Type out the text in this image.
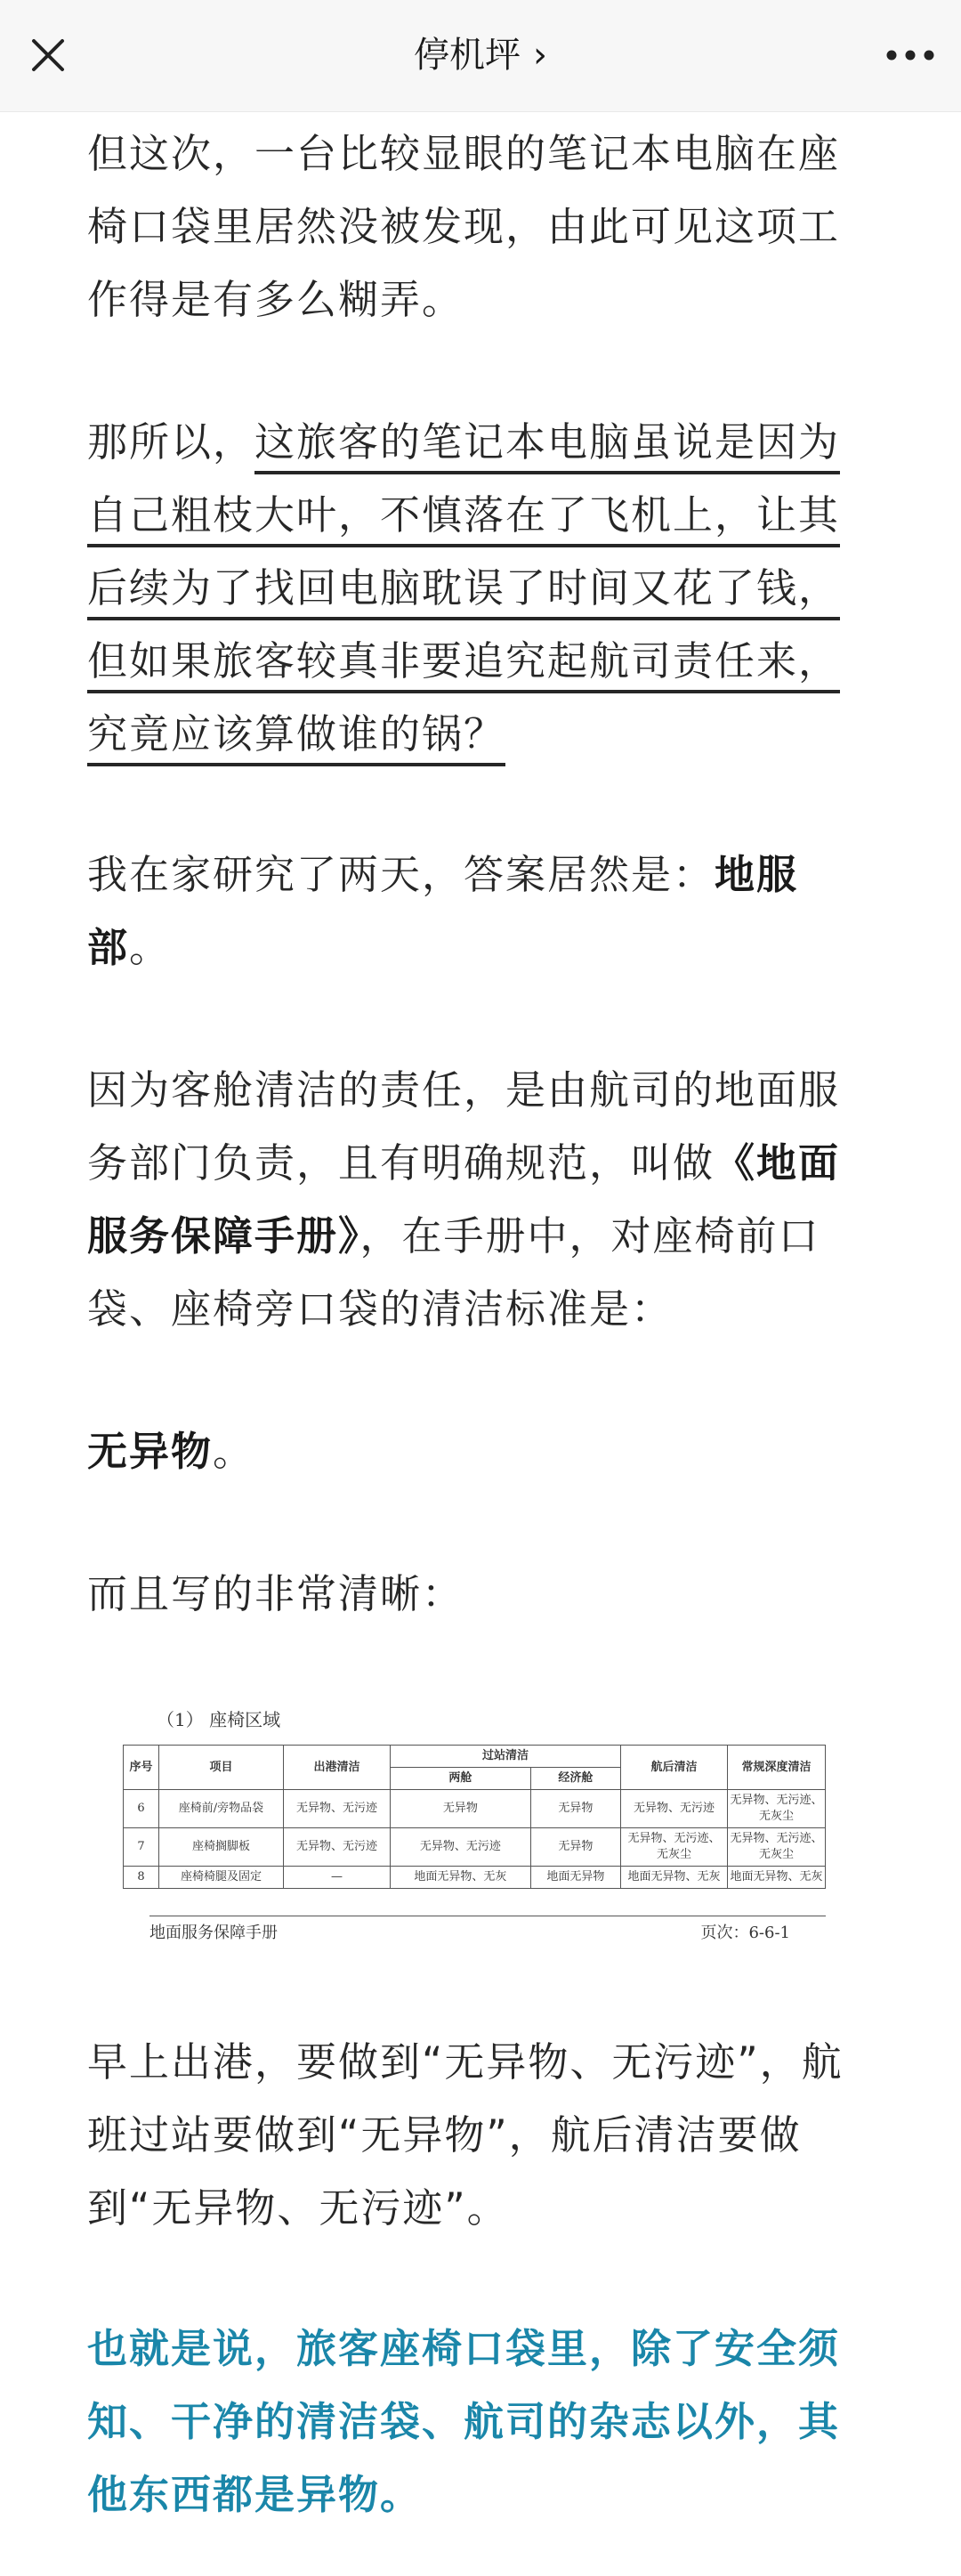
停机坪 ›

但这次，一台比较显眼的笔记本电脑在座椅口袋里居然没被发现，由此可见这项工作得是有多么糊弄。

那所以，这旅客的笔记本电脑虽说是因为
自己粗枝大叶，不慎落在了飞机上，让其
后续为了找回电脑耽误了时间又花了钱，
但如果旅客较真非要追究起航司责任来，
究竟应该算做谁的锅？

我在家研究了两天，答案居然是：地服部。

因为客舱清洁的责任，是由航司的地面服务部门负责，且有明确规范，叫做《地面服务保障手册》，在手册中，对座椅前口袋、座椅旁口袋的清洁标准是：

无异物。

而且写的非常清晰：

早上出港，要做到“无异物、无污迹”，航班过站要做到“无异物”，航后清洁要做到“无异物、无污迹”。

也就是说，旅客座椅口袋里，除了安全须知、干净的清洁袋、航司的杂志以外，其他东西都是异物。

（1） 座椅区域
序号	项目	出港清洁	过站清洁		航后清洁	常规深度清洁
			两舱	经济舱		
6	座椅前/旁物品袋	无异物、无污迹	无异物	无异物	无异物、无污迹	无异物、无污迹、无灰尘
7	座椅搁脚板	无异物、无污迹	无异物、无污迹	无异物	无异物、无污迹、无灰尘	无异物、无污迹、无灰尘
8	座椅椅腿及固定	—	地面无异物、无灰	地面无异物	地面无异物、无灰	地面无异物、无灰
地面服务保障手册	页次：6-6-1
